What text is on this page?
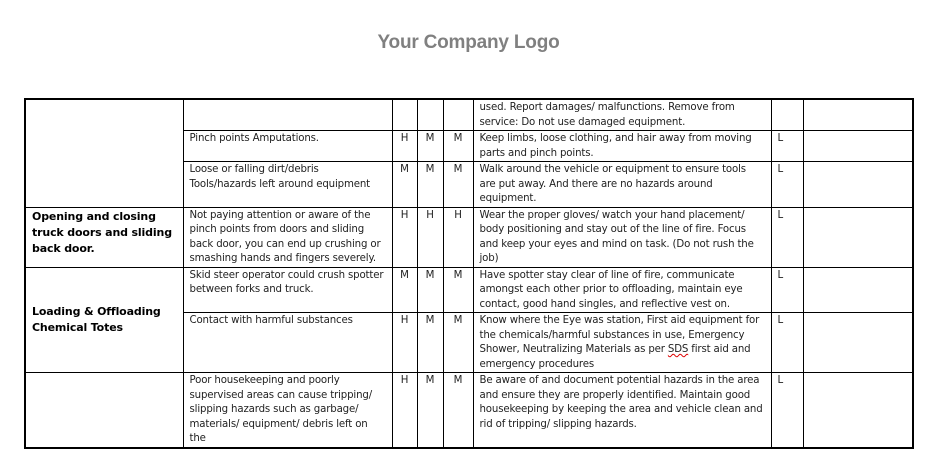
Your Company Logo
					used. Report damages/ malfunctions. Remove from service: Do not use damaged equipment.		
	Pinch points Amputations.	H	M	M	Keep limbs, loose clothing, and hair away from moving parts and pinch points.	L	
	Loose or falling dirt/debris Tools/hazards left around equipment	M	M	M	Walk around the vehicle or equipment to ensure tools are put away. And there are no hazards around equipment.	L	
Opening and closing truck doors and sliding back door.	Not paying attention or aware of the pinch points from doors and sliding back door, you can end up crushing or smashing hands and fingers severely.	H	H	H	Wear the proper gloves/ watch your hand placement/ body positioning and stay out of the line of fire. Focus and keep your eyes and mind on task. (Do not rush the job)	L	
Loading & Offloading Chemical Totes	Skid steer operator could crush spotter between forks and truck.	M	M	M	Have spotter stay clear of line of fire, communicate amongst each other prior to offloading, maintain eye contact, good hand singles, and reflective vest on.	L	
	Contact with harmful substances	H	M	M	Know where the Eye was station, First aid equipment for the chemicals/harmful substances in use, Emergency Shower, Neutralizing Materials as per SDS first aid and emergency procedures	L	
	Poor housekeeping and poorly supervised areas can cause tripping/ slipping hazards such as garbage/ materials/ equipment/ debris left on the	H	M	M	Be aware of and document potential hazards in the area and ensure they are properly identified. Maintain good housekeeping by keeping the area and vehicle clean and rid of tripping/ slipping hazards.	L	
